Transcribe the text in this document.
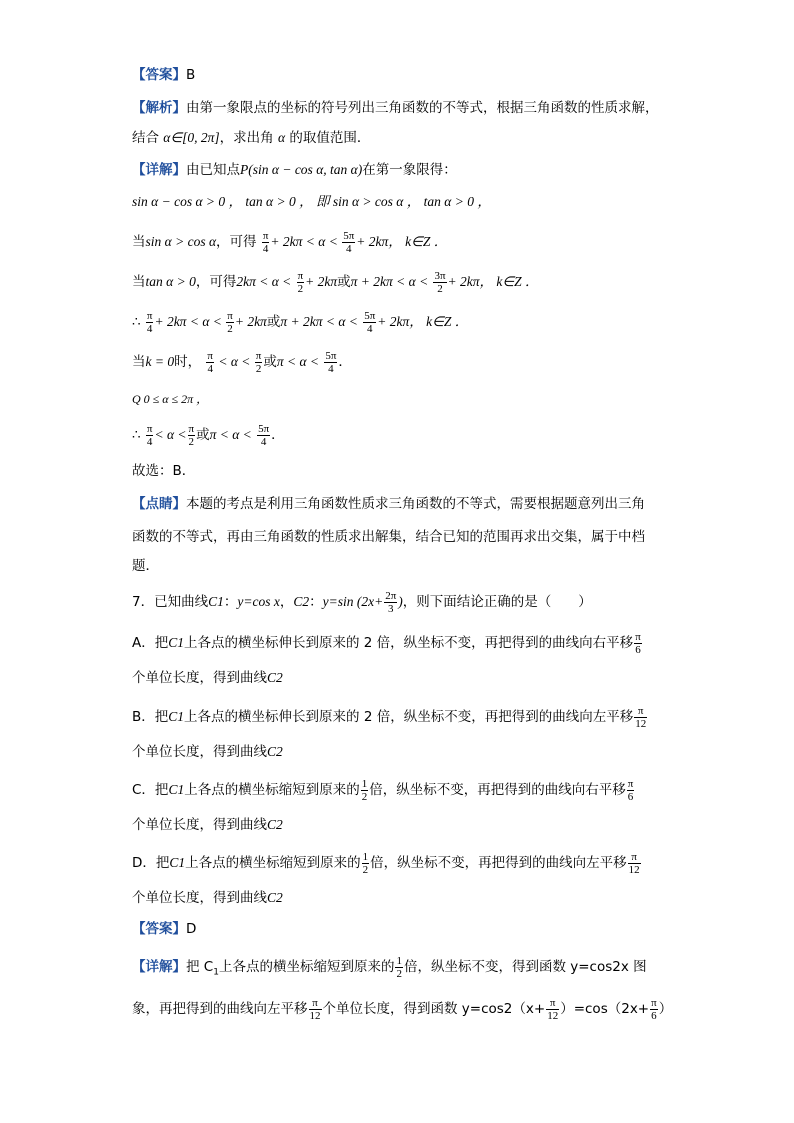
【答案】B
【解析】由第一象限点的坐标的符号列出三角函数的不等式，根据三角函数的性质求解，
结合 α∈[0, 2π]，求出角 α 的取值范围．
【详解】由已知点P(sin α − cos α, tan α)在第一象限得：
sin α − cos α > 0 ， tan α > 0 ， 即 sin α > cos α ， tan α > 0 ，
当sin α > cos α，可得 $\frac{\pi}{4} + 2k\pi < \alpha < \frac{5\pi}{4} + 2k\pi$， k∈Z ．
当tan α > 0，可得$2k\pi < \alpha < \frac{\pi}{2} + 2k\pi$或$\pi + 2k\pi < \alpha < \frac{3\pi}{2} + 2k\pi$， k∈Z ．
∴ $\frac{\pi}{4} + 2k\pi < \alpha < \frac{\pi}{2} + 2k\pi$或$\pi + 2k\pi < \alpha < \frac{5\pi}{4} + 2k\pi$， k∈Z ．
当k = 0时， $\frac{\pi}{4} < \alpha < \frac{\pi}{2}$ 或$\pi < \alpha < \frac{5\pi}{4}$ ．
Q 0 ≤ α ≤ 2π ，
∴ $\frac{\pi}{4} < \alpha < \frac{\pi}{2}$ 或$\pi < \alpha < \frac{5\pi}{4}$ ．
故选：B．
【点睛】本题的考点是利用三角函数性质求三角函数的不等式，需要根据题意列出三角
函数的不等式，再由三角函数的性质求出解集，结合已知的范围再求出交集，属于中档
题．
7．已知曲线C1：y=cos x，C2：y=sin ($2x+ \frac{2\pi}{3}$ )，则下面结论正确的是（　　）
A．把C1上各点的横坐标伸长到原来的 2 倍，纵坐标不变，再把得到的曲线向右平移 $\frac{\pi}{6}$
个单位长度，得到曲线C2
B．把C1上各点的横坐标伸长到原来的 2 倍，纵坐标不变，再把得到的曲线向左平移 $\frac{\pi}{12}$
个单位长度，得到曲线C2
C．把C1上各点的横坐标缩短到原来的 $\frac{1}{2}$ 倍，纵坐标不变，再把得到的曲线向右平移 $\frac{\pi}{6}$
个单位长度，得到曲线C2
D．把C1上各点的横坐标缩短到原来的 $\frac{1}{2}$ 倍，纵坐标不变，再把得到的曲线向左平移 $\frac{\pi}{12}$
个单位长度，得到曲线C2
【答案】D
【详解】把 $C_1$上各点的横坐标缩短到原来的 $\frac{1}{2}$ 倍，纵坐标不变，得到函数 y=cos2x 图
象，再把得到的曲线向左平移 $\frac{\pi}{12}$ 个单位长度，得到函数 $y=\cos 2(x+ \frac{\pi}{12} )=\cos(2x+ \frac{\pi}{6}$ ）
